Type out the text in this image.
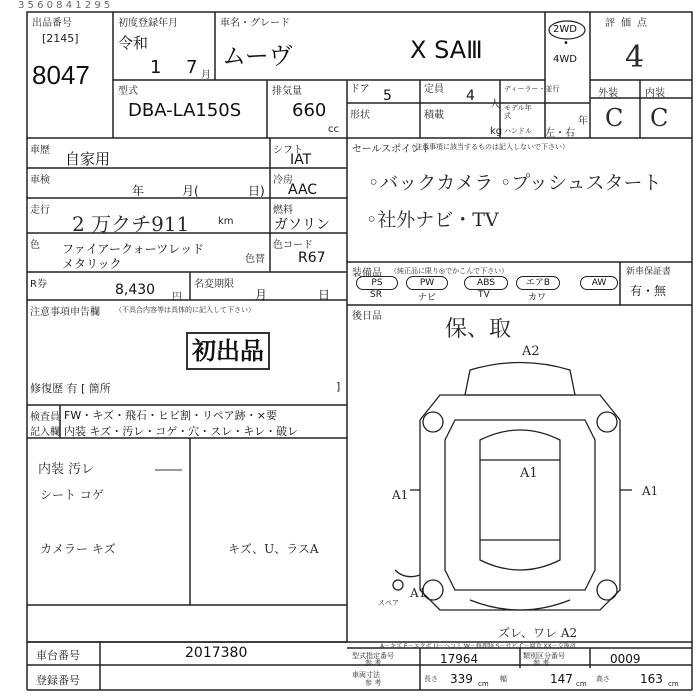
3 5 6 0 8 4 1 2 9 5
出品番号
[2145]
8047
初度登録年月
令和
1 7 月
車名・グレード
ムーヴ	X SAⅢ
2WD
•
4WD
評価点
4
型式
DBA-LA150S
排気量
660
cc
ドア 5	定員 4
人
形状	積載
kg
ディーラー・並行
モデル年式	年
ハンドル 左・右
外装	内装
C C
車歴 自家用	シフト
IAT
車検
年	月(	日)
冷房
AAC
走行
2 万クチ911	km
燃料
ガソリン
色 ファイアークォーツレッド
メタリック	色替
色コード
R67
R券	8,430 円
名変期限
月	日
注意事項申告欄 （不具合内容等は具体的に記入して下さい）
初出品
修復歴 有 [ 箇所	]
セールスポイント
（注意事項に該当するものは記入しないで下さい）
◦バックカメラ ◦プッシュスタート
◦社外ナビ・TV
装備品 （純正品に限り◎でかこんで下さい）
PS	PW	ABS	エアB	AW
SR	ナビ	TV	カワ
新車保証書
有・無
後日品
保、取
検査員
記入欄
FW・キズ・飛石・ヒビ割・リペア跡・×要
内装 キズ・汚レ・コゲ・穴・スレ・キレ・破レ
内装 汚レ
シート コゲ
カメラー キズ	キズ、U、ラスA
A2
A1
A1	A1
A1
スペア
ズレ、ワレ A2
A－キズ E－エクボ U－ヘコミ W－修理跡 S－サビ C－腐食 XX－交換済
車台番号	2017380
登録番号
型式指定番号
参 考	17964	類別区分番号
参 考	0009
車両寸法
参 考	長さ 339 cm
幅	147 cm
高さ	163 cm
